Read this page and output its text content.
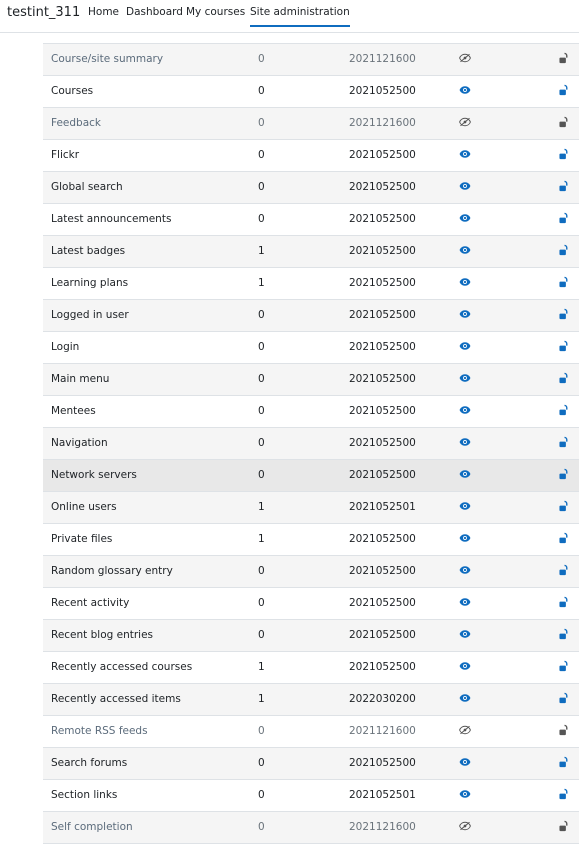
testint_311 Home Dashboard My courses Site administration
Course/site summary	0	2021121600
Courses	0	2021052500
Feedback	0	2021121600
Flickr	0	2021052500
Global search	0	2021052500
Latest announcements	0	2021052500
Latest badges	1	2021052500
Learning plans	1	2021052500
Logged in user	0	2021052500
Login	0	2021052500
Main menu	0	2021052500
Mentees	0	2021052500
Navigation	0	2021052500
Network servers	0	2021052500
Online users	1	2021052501
Private files	1	2021052500
Random glossary entry	0	2021052500
Recent activity	0	2021052500
Recent blog entries	0	2021052500
Recently accessed courses	1	2021052500
Recently accessed items	1	2022030200
Remote RSS feeds	0	2021121600
Search forums	0	2021052500
Section links	0	2021052501
Self completion	0	2021121600
